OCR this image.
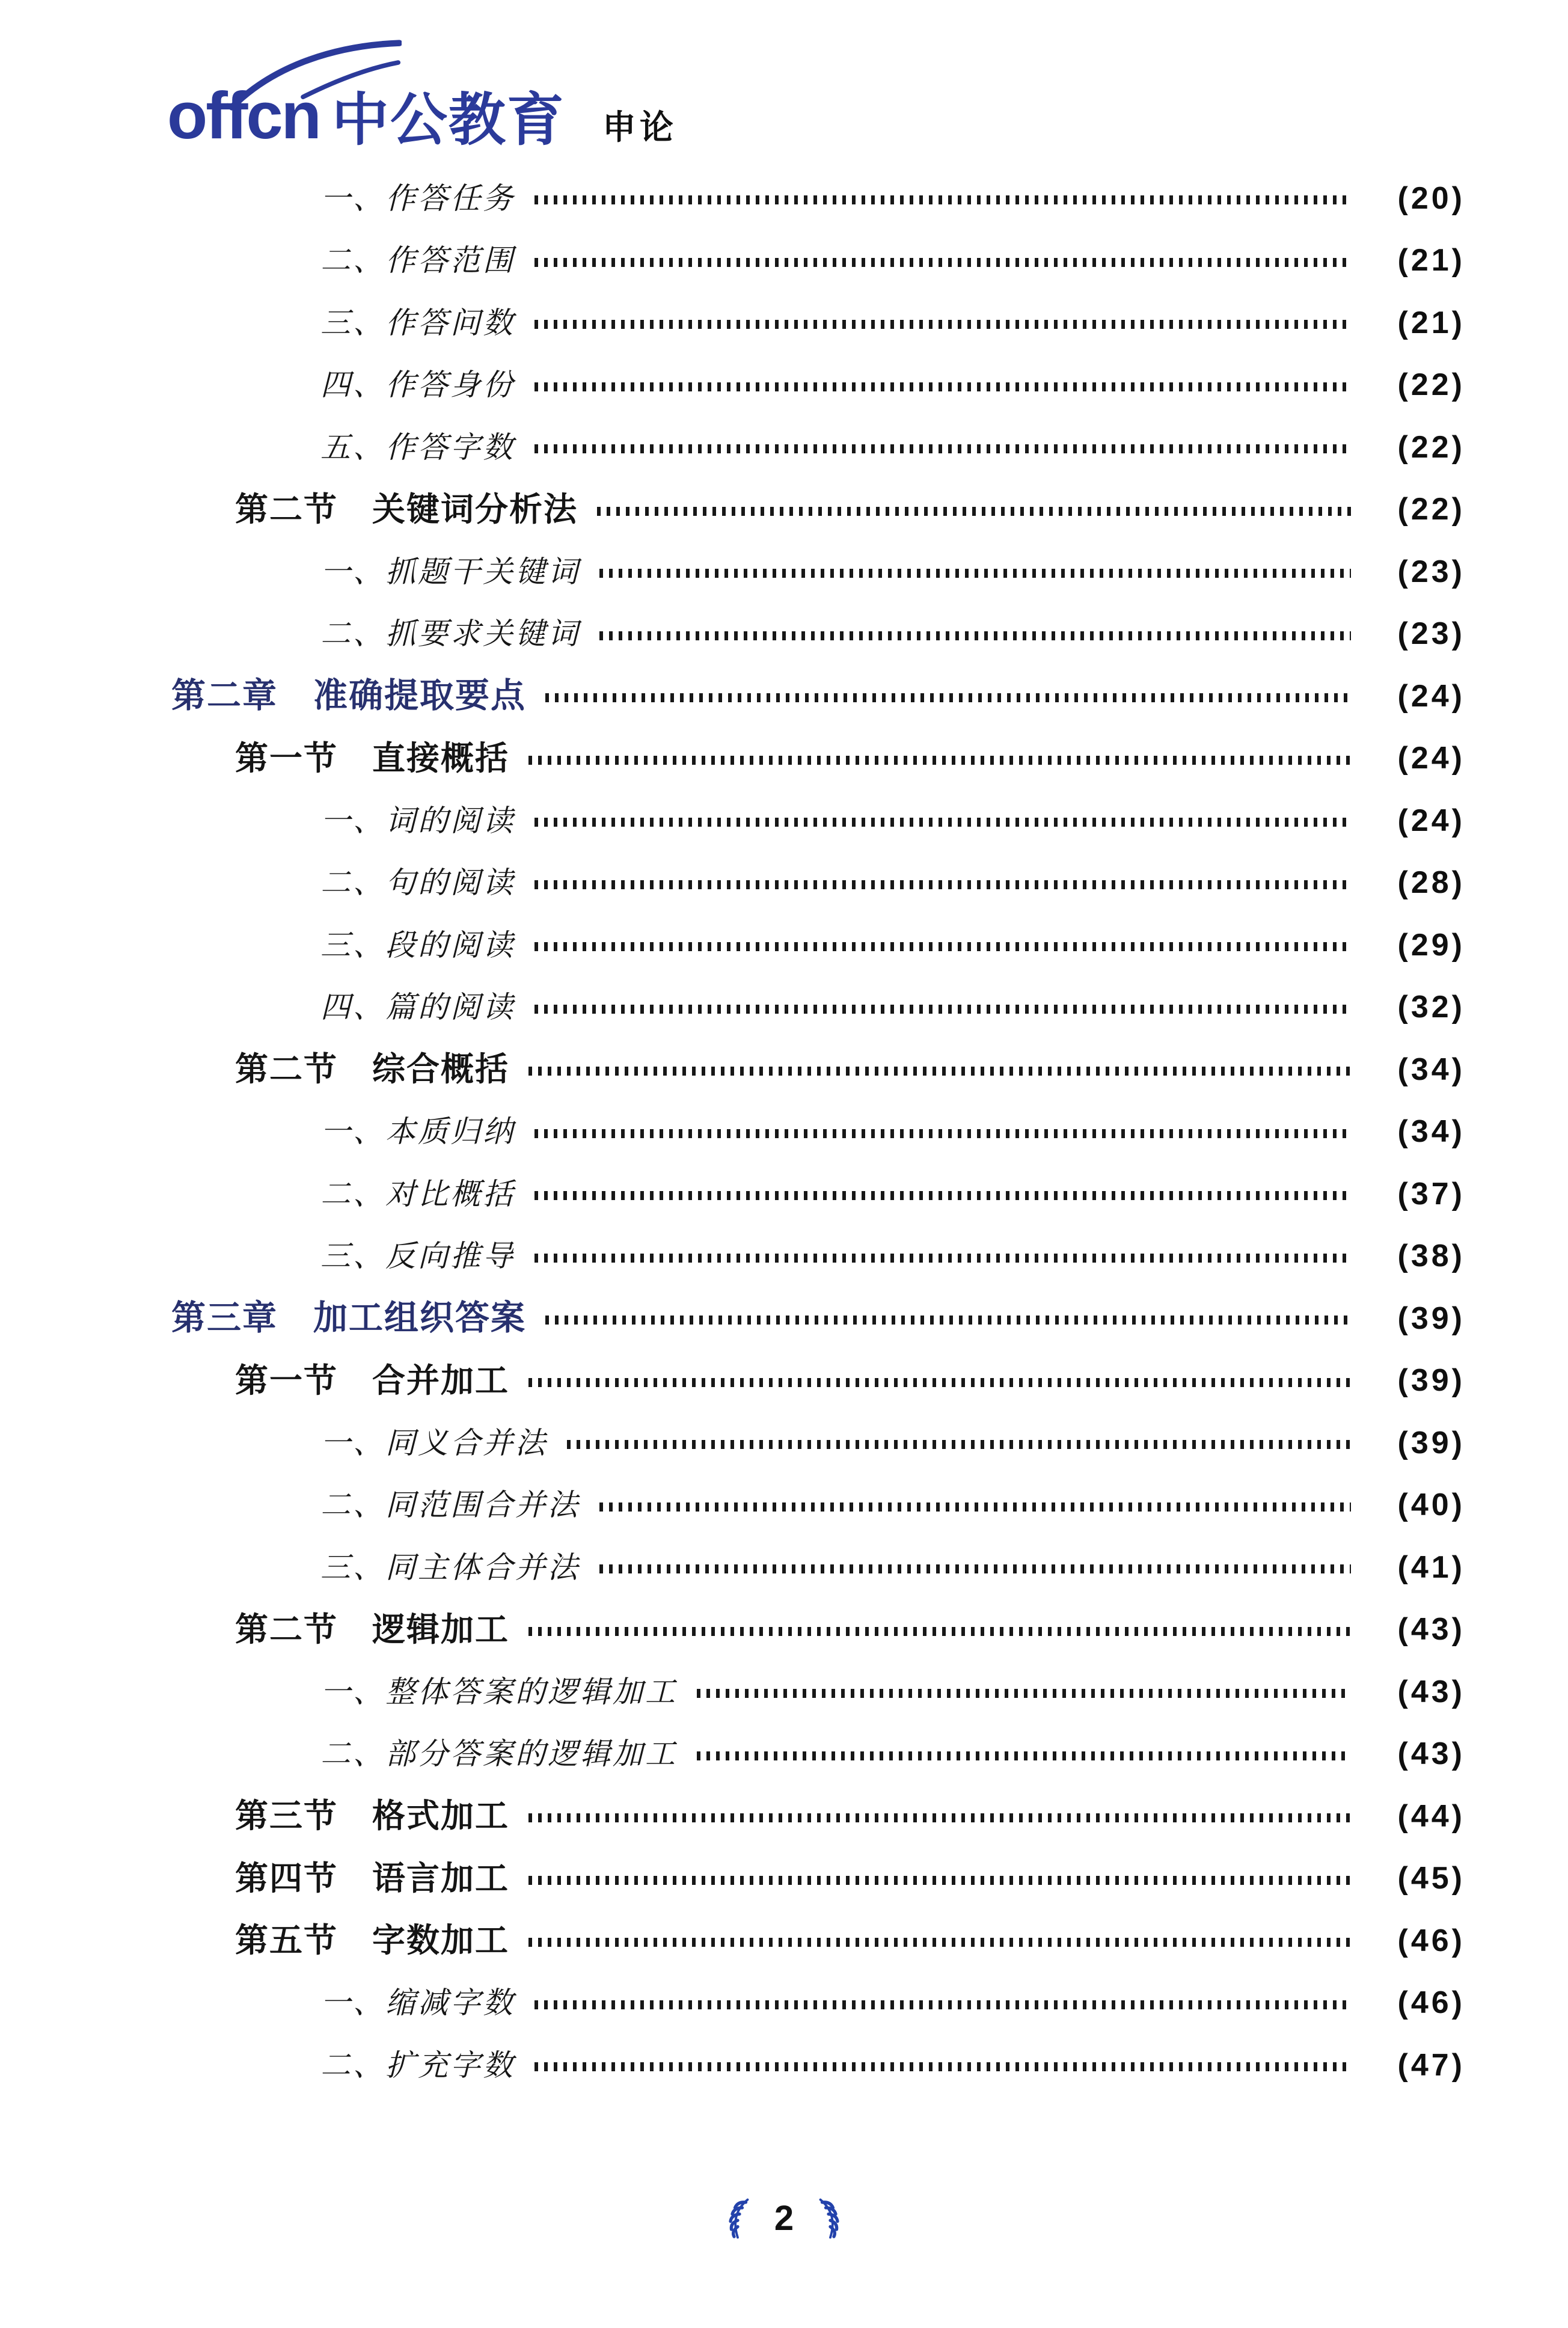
offcn 中公教育 申论
一、作答任务	(20)
二、作答范围	(21)
三、作答问数	(21)
四、作答身份	(22)
五、作答字数	(22)
第二节　关键词分析法	(22)
一、抓题干关键词	(23)
二、抓要求关键词	(23)
第二章　准确提取要点	(24)
第一节　直接概括	(24)
一、词的阅读	(24)
二、句的阅读	(28)
三、段的阅读	(29)
四、篇的阅读	(32)
第二节　综合概括	(34)
一、本质归纳	(34)
二、对比概括	(37)
三、反向推导	(38)
第三章　加工组织答案	(39)
第一节　合并加工	(39)
一、同义合并法	(39)
二、同范围合并法	(40)
三、同主体合并法	(41)
第二节　逻辑加工	(43)
一、整体答案的逻辑加工	(43)
二、部分答案的逻辑加工	(43)
第三节　格式加工	(44)
第四节　语言加工	(45)
第五节　字数加工	(46)
一、缩减字数	(46)
二、扩充字数	(47)
2
